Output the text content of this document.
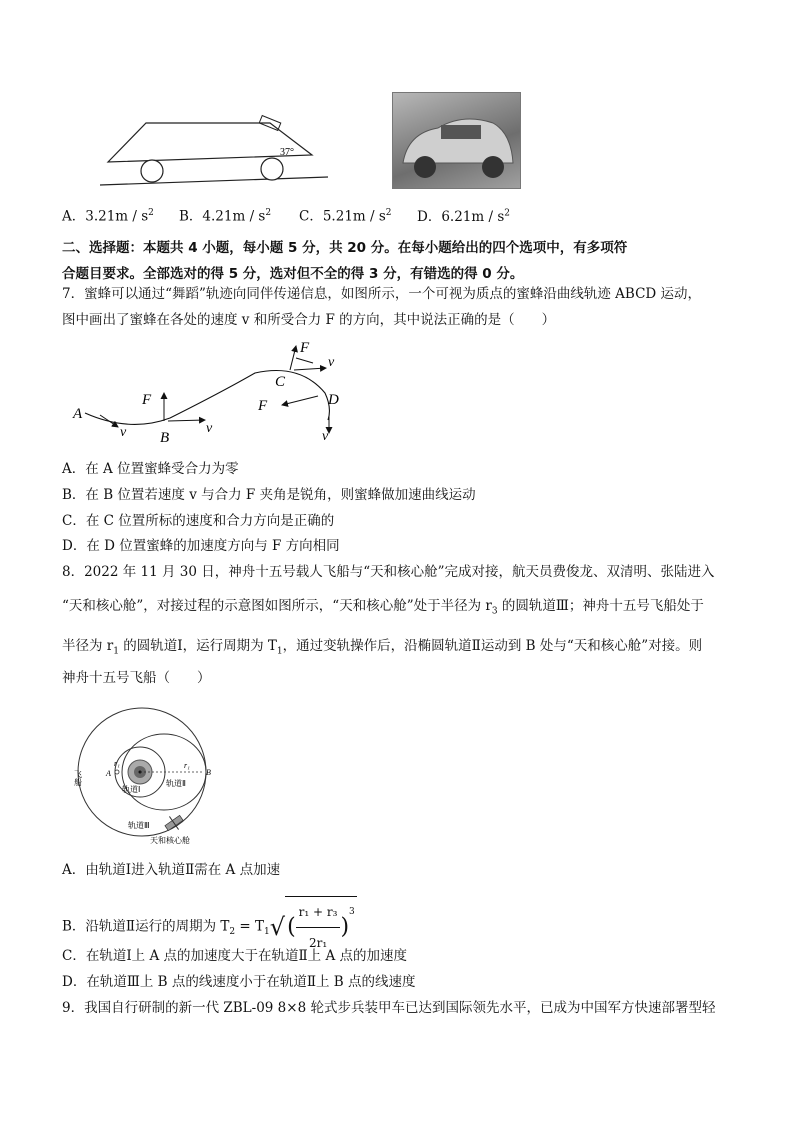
37°
A．$3.21m / s^2$ B．$4.21m / s^2$ C．$5.21m / s^2$ D．$6.21m / s^2$
二、选择题：本题共 4 小题，每小题 5 分，共 20 分。在每小题给出的四个选项中，有多项符
合题目要求。全部选对的得 5 分，选对但不全的得 3 分，有错选的得 0 分。
7．蜜蜂可以通过“舞蹈”轨迹向同伴传递信息，如图所示，一个可视为质点的蜜蜂沿曲线轨迹 ABCD 运动，
图中画出了蜜蜂在各处的速度 v 和所受合力 F 的方向，其中说法正确的是（　　）
A
v
F
B
v
F
v
C
F	D
v
A．在 A 位置蜜蜂受合力为零
B．在 B 位置若速度 v 与合力 F 夹角是锐角，则蜜蜂做加速曲线运动
C．在 C 位置所标的速度和合力方向是正确的
D．在 D 位置蜜蜂的加速度方向与 F 方向相同
8．2022 年 11 月 30 日，神舟十五号载人飞船与“天和核心舱”完成对接，航天员费俊龙、双清明、张陆进入
“天和核心舱”，对接过程的示意图如图所示，“天和核心舱”处于半径为 $r_3$ 的圆轨道Ⅲ；神舟十五号飞船处于
半径为 $r_1$ 的圆轨道Ⅰ，运行周期为 $T_1$，通过变轨操作后，沿椭圆轨道Ⅱ运动到 B 处与“天和核心舱”对接。则
神舟十五号飞船（　　）
飞船	A
r₁	r₁
B
轨道Ⅰ
轨道Ⅱ
轨道Ⅲ
天和核心舱
A．由轨道Ⅰ进入轨道Ⅱ需在 A 点加速
B．沿轨道Ⅱ运行的周期为 $T_2 = T_1√( \frac{\text{r₁ + r₃}}{\text{2r₁}} )^3$
C．在轨道Ⅰ上 A 点的加速度大于在轨道Ⅱ上 A 点的加速度
D．在轨道Ⅲ上 B 点的线速度小于在轨道Ⅱ上 B 点的线速度
9．我国自行研制的新一代 ZBL-09 8×8 轮式步兵装甲车已达到国际领先水平，已成为中国军方快速部署型轻
